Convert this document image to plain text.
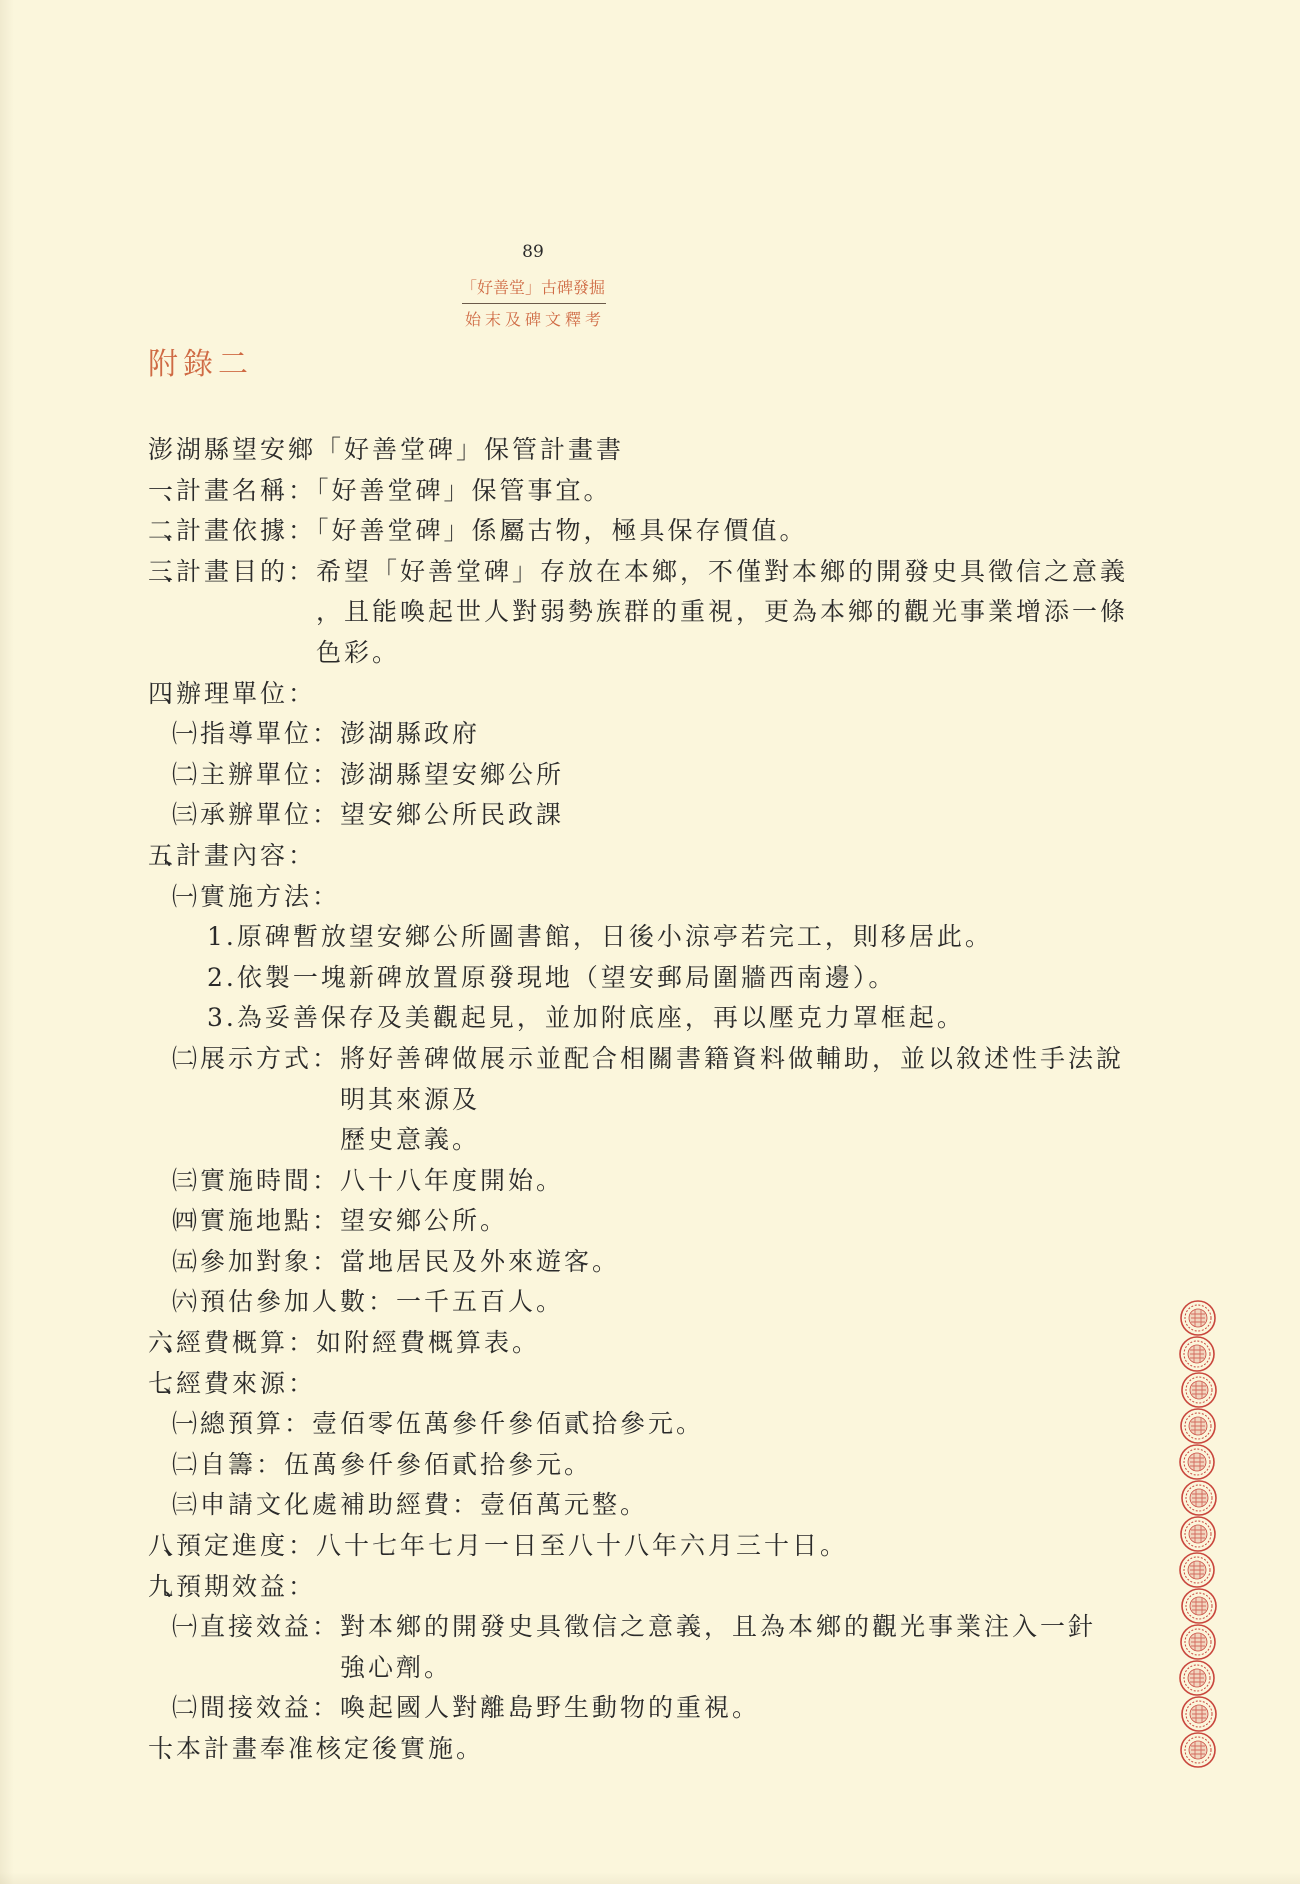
89
「好善堂」古碑發掘
始末及碑文釋考
附錄二
澎湖縣望安鄉「好善堂碑」保管計畫書
一、計畫名稱：「好善堂碑」保管事宜。
二、計畫依據：「好善堂碑」係屬古物，極具保存價值。
三、計畫目的：希望「好善堂碑」存放在本鄉，不僅對本鄉的開發史具徵信之意義
，且能喚起世人對弱勢族群的重視，更為本鄉的觀光事業增添一條
色彩。
四、辦理單位：
㈠指導單位：澎湖縣政府
㈡主辦單位：澎湖縣望安鄉公所
㈢承辦單位：望安鄉公所民政課
五、計畫內容：
㈠實施方法：
1.原碑暫放望安鄉公所圖書館，日後小涼亭若完工，則移居此。
2.依製一塊新碑放置原發現地（望安郵局圍牆西南邊）。
3.為妥善保存及美觀起見，並加附底座，再以壓克力罩框起。
㈡展示方式：將好善碑做展示並配合相關書籍資料做輔助，並以敘述性手法說
明其來源及
歷史意義。
㈢實施時間：八十八年度開始。
㈣實施地點：望安鄉公所。
㈤參加對象：當地居民及外來遊客。
㈥預估參加人數：一千五百人。
六、經費概算：如附經費概算表。
七、經費來源：
㈠總預算：壹佰零伍萬參仟參佰貳拾參元。
㈡自籌：伍萬參仟參佰貳拾參元。
㈢申請文化處補助經費：壹佰萬元整。
八、預定進度：八十七年七月一日至八十八年六月三十日。
九、預期效益：
㈠直接效益：對本鄉的開發史具徵信之意義，且為本鄉的觀光事業注入一針
強心劑。
㈡間接效益：喚起國人對離島野生動物的重視。
十、本計畫奉准核定後實施。
